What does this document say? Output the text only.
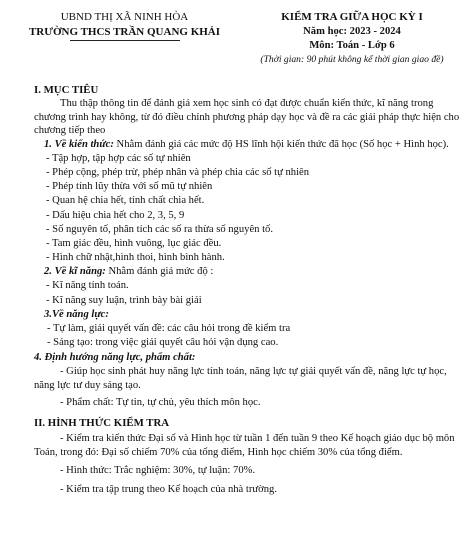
UBND THỊ XÃ NINH HÒA
TRƯỜNG THCS TRẦN QUANG KHẢI
KIỂM TRA GIỮA HỌC KỲ I
Năm học: 2023 - 2024
Môn: Toán - Lớp 6
(Thời gian: 90 phút không kể thời gian giao đề)

I. MỤC TIÊU

Thu thập thông tin để đánh giá xem học sinh có đạt được chuẩn kiến thức, kĩ năng trong chương trình hay không, từ đó điều chỉnh phương pháp dạy học và đề ra các giải pháp thực hiện cho chương tiếp theo

1. Về kiến thức: Nhằm đánh giá các mức độ HS lĩnh hội kiến thức đã học (Số học + Hình học).
- Tập hợp, tập hợp các số tự nhiên
- Phép cộng, phép trừ, phép nhân và phép chia các số tự nhiên
- Phép tính lũy thừa với số mũ tự nhiên
- Quan hệ chia hết, tính chất chia hết.
- Dấu hiệu chia hết cho 2, 3, 5, 9
- Số nguyên tố, phân tích các số ra thừa số nguyên tố.
- Tam giác đều, hình vuông, lục giác đều.
- Hình chữ nhật,hình thoi, hình bình hành.
2. Về kĩ năng: Nhằm đánh giá mức độ :
- Kĩ năng tính toán.
- Kĩ năng suy luận, trình bày bài giải
3.Về năng lực:
- Tự làm, giải quyết vấn đề: các câu hỏi trong đề kiểm tra
- Sáng tạo: trong việc giải quyết câu hỏi vận dụng cao.
4. Định hướng năng lực, phẩm chất:

- Giúp học sinh phát huy năng lực tính toán, năng lực tự giải quyết vấn đề, năng lực tự học, năng lực tư duy sáng tạo.

- Phẩm chất: Tự tin, tự chủ, yêu thích môn học.

II. HÌNH THỨC KIỂM TRA

- Kiểm tra kiến thức Đại số và Hình học từ tuần 1 đến tuần 9 theo Kế hoạch giáo dục bộ môn Toán, trong đó: Đại số chiếm 70% của tổng điểm, Hình học chiếm 30% của tổng điểm.

- Hình thức: Trắc nghiệm: 30%, tự luận: 70%.

- Kiểm tra tập trung theo Kế hoạch của nhà trường.
